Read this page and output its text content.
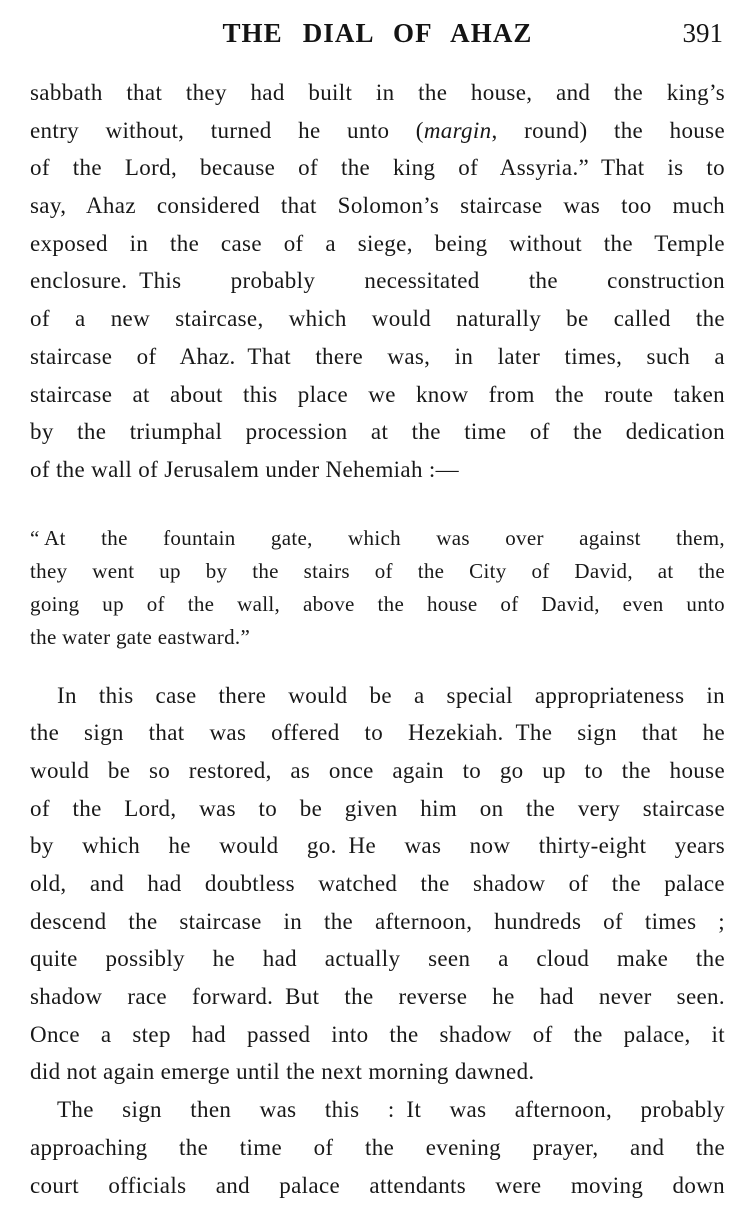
THE DIAL OF AHAZ	391
sabbath that they had built in the house, and the king’s
entry without, turned he unto (margin, round) the house
of the Lord, because of the king of Assyria.” That is to
say, Ahaz considered that Solomon’s staircase was too much
exposed in the case of a siege, being without the Temple
enclosure. This probably necessitated the construction
of a new staircase, which would naturally be called the
staircase of Ahaz. That there was, in later times, such a
staircase at about this place we know from the route taken
by the triumphal procession at the time of the dedication
of the wall of Jerusalem under Nehemiah :—
“ At the fountain gate, which was over against them,
they went up by the stairs of the City of David, at the
going up of the wall, above the house of David, even unto
the water gate eastward.”
In this case there would be a special appropriateness in
the sign that was offered to Hezekiah. The sign that he
would be so restored, as once again to go up to the house
of the Lord, was to be given him on the very staircase
by which he would go. He was now thirty-eight years
old, and had doubtless watched the shadow of the palace
descend the staircase in the afternoon, hundreds of times ;
quite possibly he had actually seen a cloud make the
shadow race forward. But the reverse he had never seen.
Once a step had passed into the shadow of the palace, it
did not again emerge until the next morning dawned.
The sign then was this : It was afternoon, probably
approaching the time of the evening prayer, and the
court officials and palace attendants were moving down
